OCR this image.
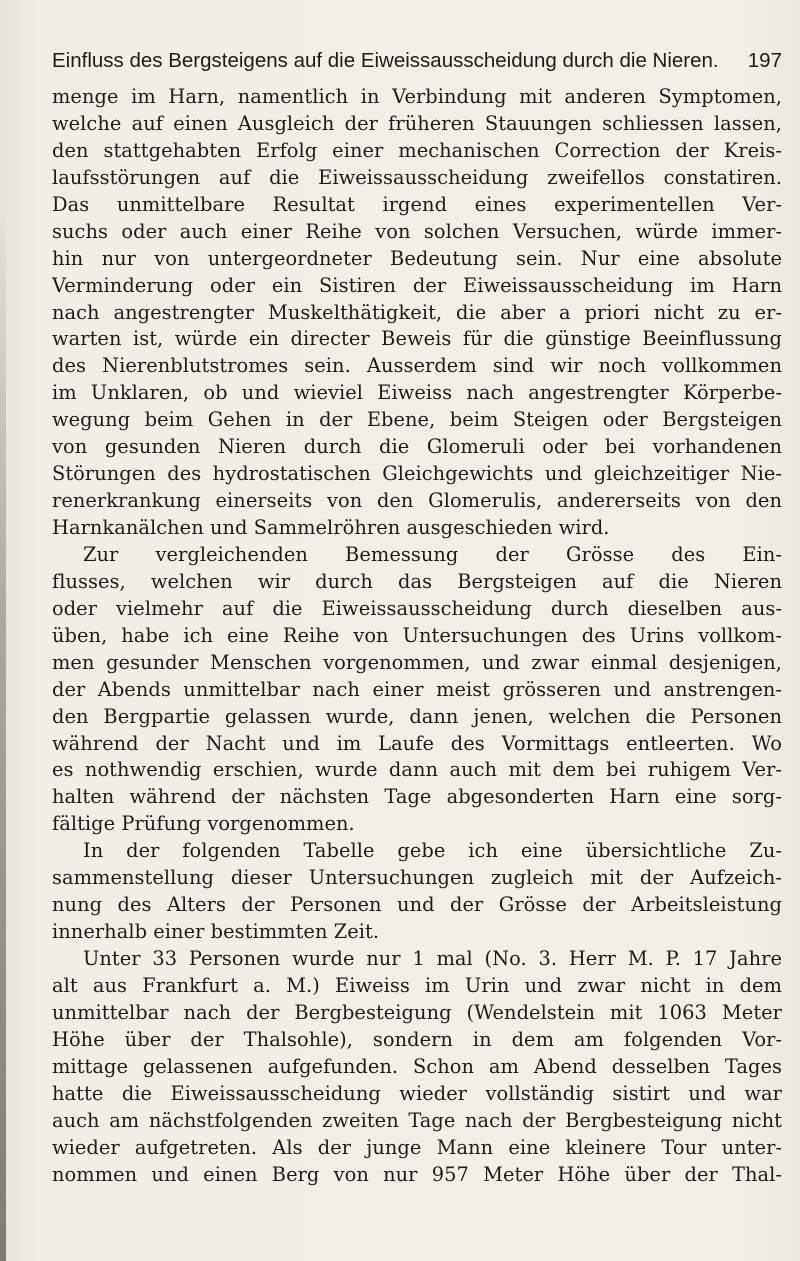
Einfluss des Bergsteigens auf die Eiweissausscheidung durch die Nieren. 197
menge im Harn, namentlich in Verbindung mit anderen Symptomen,
welche auf einen Ausgleich der früheren Stauungen schliessen lassen,
den stattgehabten Erfolg einer mechanischen Correction der Kreis-
laufsstörungen auf die Eiweissausscheidung zweifellos constatiren.
Das unmittelbare Resultat irgend eines experimentellen Ver-
suchs oder auch einer Reihe von solchen Versuchen, würde immer-
hin nur von untergeordneter Bedeutung sein. Nur eine absolute
Verminderung oder ein Sistiren der Eiweissausscheidung im Harn
nach angestrengter Muskelthätigkeit, die aber a priori nicht zu er-
warten ist, würde ein directer Beweis für die günstige Beeinflussung
des Nierenblutstromes sein. Ausserdem sind wir noch vollkommen
im Unklaren, ob und wieviel Eiweiss nach angestrengter Körperbe-
wegung beim Gehen in der Ebene, beim Steigen oder Bergsteigen
von gesunden Nieren durch die Glomeruli oder bei vorhandenen
Störungen des hydrostatischen Gleichgewichts und gleichzeitiger Nie-
renerkrankung einerseits von den Glomerulis, andererseits von den
Harnkanälchen und Sammelröhren ausgeschieden wird.
Zur vergleichenden Bemessung der Grösse des Ein-
flusses, welchen wir durch das Bergsteigen auf die Nieren
oder vielmehr auf die Eiweissausscheidung durch dieselben aus-
üben, habe ich eine Reihe von Untersuchungen des Urins vollkom-
men gesunder Menschen vorgenommen, und zwar einmal desjenigen,
der Abends unmittelbar nach einer meist grösseren und anstrengen-
den Bergpartie gelassen wurde, dann jenen, welchen die Personen
während der Nacht und im Laufe des Vormittags entleerten. Wo
es nothwendig erschien, wurde dann auch mit dem bei ruhigem Ver-
halten während der nächsten Tage abgesonderten Harn eine sorg-
fältige Prüfung vorgenommen.
In der folgenden Tabelle gebe ich eine übersichtliche Zu-
sammenstellung dieser Untersuchungen zugleich mit der Aufzeich-
nung des Alters der Personen und der Grösse der Arbeitsleistung
innerhalb einer bestimmten Zeit.
Unter 33 Personen wurde nur 1 mal (No. 3. Herr M. P. 17 Jahre
alt aus Frankfurt a. M.) Eiweiss im Urin und zwar nicht in dem
unmittelbar nach der Bergbesteigung (Wendelstein mit 1063 Meter
Höhe über der Thalsohle), sondern in dem am folgenden Vor-
mittage gelassenen aufgefunden. Schon am Abend desselben Tages
hatte die Eiweissausscheidung wieder vollständig sistirt und war
auch am nächstfolgenden zweiten Tage nach der Bergbesteigung nicht
wieder aufgetreten. Als der junge Mann eine kleinere Tour unter-
nommen und einen Berg von nur 957 Meter Höhe über der Thal-
